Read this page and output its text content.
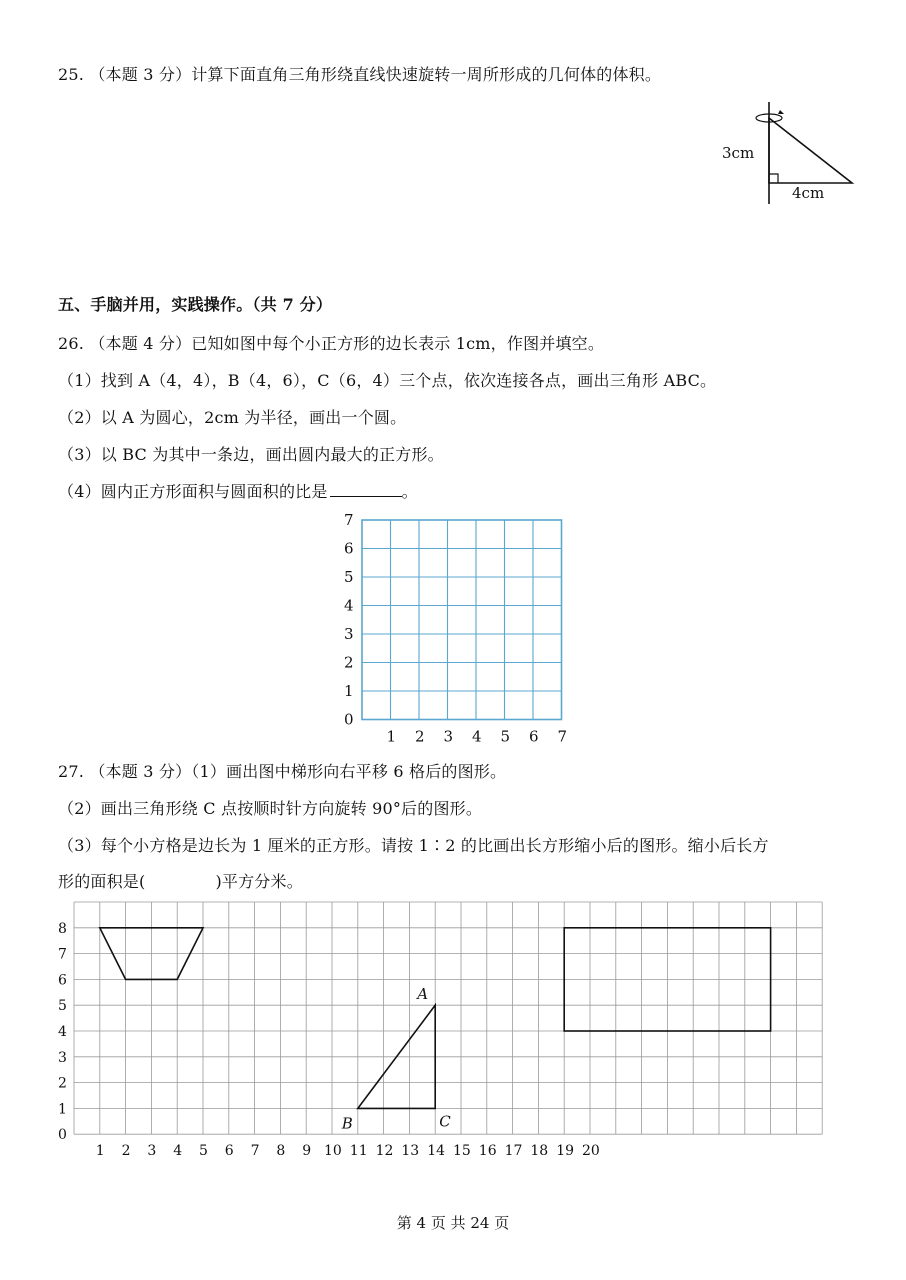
25. （本题 3 分）计算下面直角三角形绕直线快速旋转一周所形成的几何体的体积。
3cm
4cm
五、手脑并用，实践操作。（共 7 分）
26. （本题 4 分）已知如图中每个小正方形的边长表示 1cm，作图并填空。
（1）找到 A（4，4），B（4，6），C（6，4）三个点，依次连接各点，画出三角形 ABC。
（2）以 A 为圆心，2cm 为半径，画出一个圆。
（3）以 BC 为其中一条边，画出圆内最大的正方形。
（4）圆内正方形面积与圆面积的比是	。
7
6
5
4
3
2
1
0
1 2 3 4 5 6 7
27. （本题 3 分）（1）画出图中梯形向右平移 6 格后的图形。
（2）画出三角形绕 C 点按顺时针方向旋转 90°后的图形。
（3）每个小方格是边长为 1 厘米的正方形。请按 1∶2 的比画出长方形缩小后的图形。缩小后长方
形的面积是(	)平方分米。
8
7
6
5
4
3
2
1
0
1 2 3 4 5 6 7 8 9 10 11 12 13 14 15 16 17 18 19 20
A
B	C
第 4 页 共 24 页
